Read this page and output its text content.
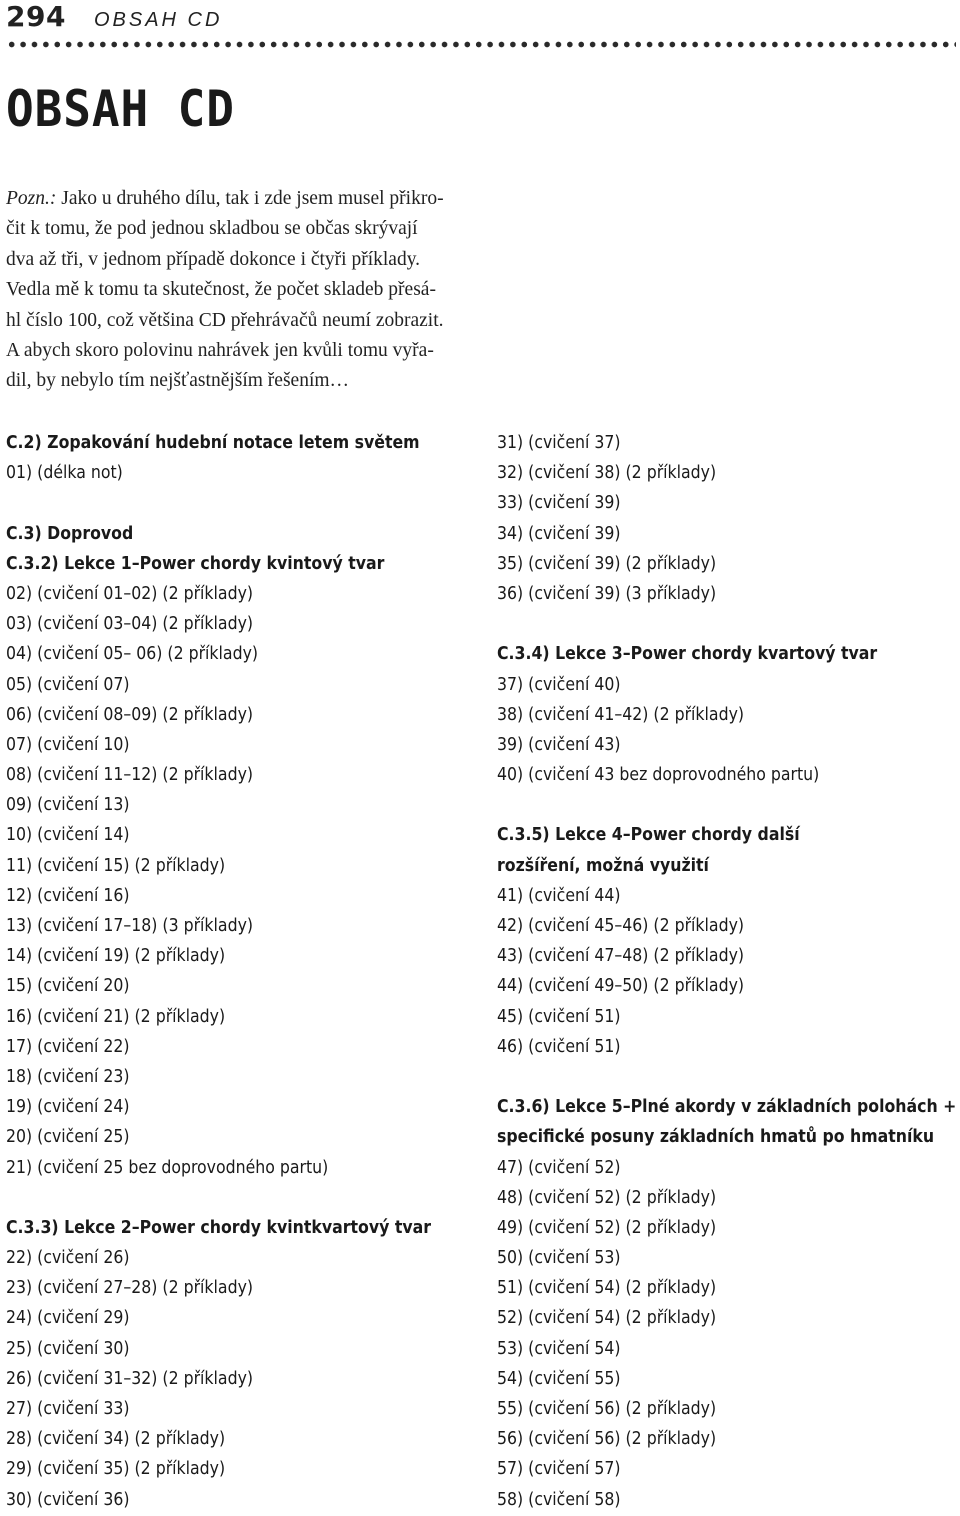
294 OBSAH CD
OBSAH CD
Pozn.: Jako u druhého dílu, tak i zde jsem musel přikro-
čit k tomu, že pod jednou skladbou se občas skrývají
dva až tři, v jednom případě dokonce i čtyři příklady.
Vedla mě k tomu ta skutečnost, že počet skladeb přesá-
hl číslo 100, což většina CD přehrávačů neumí zobrazit.
A abych skoro polovinu nahrávek jen kvůli tomu vyřa-
dil, by nebylo tím nejšťastnějším řešením…
C.2) Zopakování hudební notace letem světem
01) (délka not)
C.3) Doprovod
C.3.2) Lekce 1–Power chordy kvintový tvar
02) (cvičení 01–02) (2 příklady)
03) (cvičení 03–04) (2 příklady)
04) (cvičení 05– 06) (2 příklady)
05) (cvičení 07)
06) (cvičení 08–09) (2 příklady)
07) (cvičení 10)
08) (cvičení 11–12) (2 příklady)
09) (cvičení 13)
10) (cvičení 14)
11) (cvičení 15) (2 příklady)
12) (cvičení 16)
13) (cvičení 17–18) (3 příklady)
14) (cvičení 19) (2 příklady)
15) (cvičení 20)
16) (cvičení 21) (2 příklady)
17) (cvičení 22)
18) (cvičení 23)
19) (cvičení 24)
20) (cvičení 25)
21) (cvičení 25 bez doprovodného partu)
C.3.3) Lekce 2–Power chordy kvintkvartový tvar
22) (cvičení 26)
23) (cvičení 27–28) (2 příklady)
24) (cvičení 29)
25) (cvičení 30)
26) (cvičení 31–32) (2 příklady)
27) (cvičení 33)
28) (cvičení 34) (2 příklady)
29) (cvičení 35) (2 příklady)
30) (cvičení 36)
31) (cvičení 37)
32) (cvičení 38) (2 příklady)
33) (cvičení 39)
34) (cvičení 39)
35) (cvičení 39) (2 příklady)
36) (cvičení 39) (3 příklady)
C.3.4) Lekce 3–Power chordy kvartový tvar
37) (cvičení 40)
38) (cvičení 41–42) (2 příklady)
39) (cvičení 43)
40) (cvičení 43 bez doprovodného partu)
C.3.5) Lekce 4–Power chordy další
rozšíření, možná využití
41) (cvičení 44)
42) (cvičení 45–46) (2 příklady)
43) (cvičení 47–48) (2 příklady)
44) (cvičení 49–50) (2 příklady)
45) (cvičení 51)
46) (cvičení 51)
C.3.6) Lekce 5–Plné akordy v základních polohách +
specifické posuny základních hmatů po hmatníku
47) (cvičení 52)
48) (cvičení 52) (2 příklady)
49) (cvičení 52) (2 příklady)
50) (cvičení 53)
51) (cvičení 54) (2 příklady)
52) (cvičení 54) (2 příklady)
53) (cvičení 54)
54) (cvičení 55)
55) (cvičení 56) (2 příklady)
56) (cvičení 56) (2 příklady)
57) (cvičení 57)
58) (cvičení 58)
